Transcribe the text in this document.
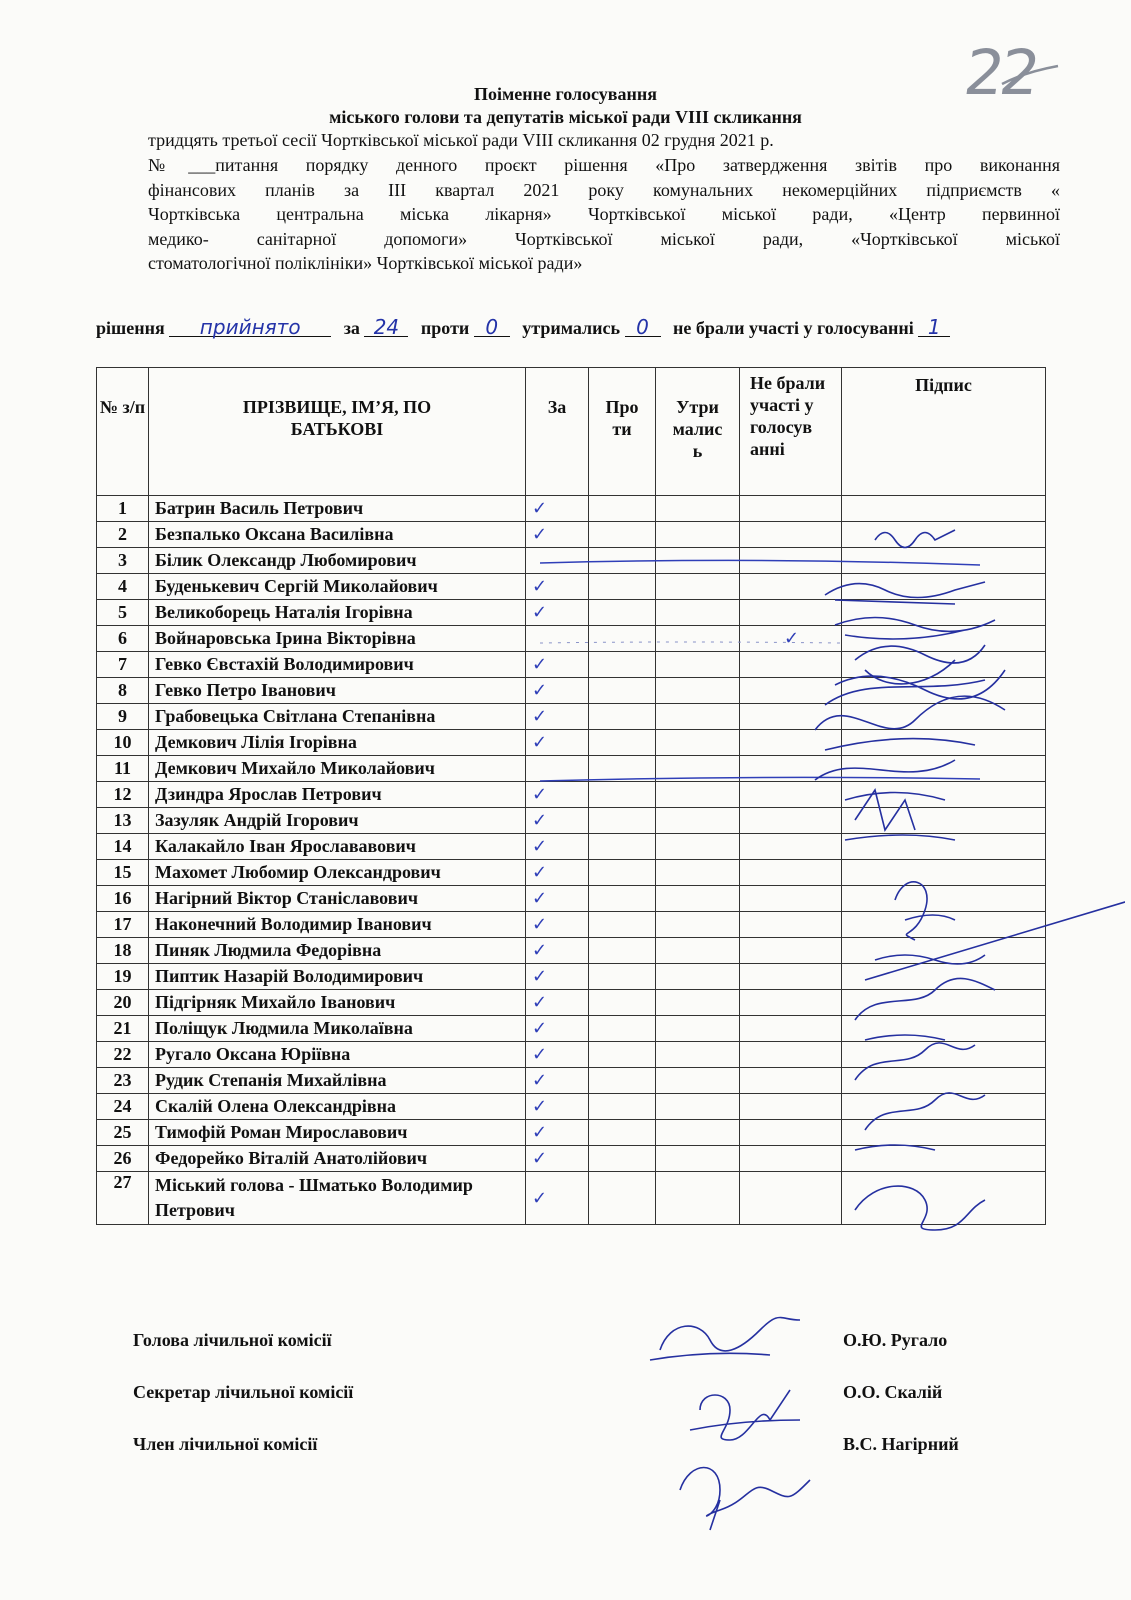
22
Поіменне голосування
міського голови та депутатів міської ради VIII скликання
тридцять третьої сесії Чортківської міської ради VIII скликання 02 грудня 2021 р.
№___питання порядку денного проєкт рішення «Про затвердження звітів про виконання
фінансових планів за ІІІ квартал 2021 року комунальних некомерційних підприємств «
Чортківська центральна міська лікарня» Чортківської міської ради, «Центр первинної
медико- санітарної допомоги» Чортківської міської ради, «Чортківської міської
стоматологічної поліклініки» Чортківської міської ради»
рішення прийнято за 24 проти 0 утримались 0 не брали участі у голосуванні 1
№ з/п	ПРІЗВИЩЕ, ІМ’Я, ПО БАТЬКОВІ	За	Про ти	Утри малис ь	Не брали участі у голосув анні	Підпис
1	Батрин Василь Петрович	✓				
2	Безпалько Оксана Василівна	✓				
3	Білик Олександр Любомирович					
4	Буденькевич Сергій Миколайович	✓				
5	Великоборець Наталія Ігорівна	✓				
6	Войнаровська Ірина Вікторівна				✓	
7	Гевко Євстахій Володимирович	✓				
8	Гевко Петро Іванович	✓				
9	Грабовецька Світлана Степанівна	✓				
10	Демкович Лілія Ігорівна	✓				
11	Демкович Михайло Миколайович					
12	Дзиндра Ярослав Петрович	✓				
13	Зазуляк Андрій Ігорович	✓				
14	Калакайло Іван Ярослававович	✓				
15	Махомет Любомир Олександрович	✓				
16	Нагірний Віктор Станіславович	✓				
17	Наконечний Володимир Іванович	✓				
18	Пиняк Людмила Федорівна	✓				
19	Пиптик Назарій Володимирович	✓				
20	Підгірняк Михайло Іванович	✓				
21	Поліщук Людмила Миколаївна	✓				
22	Ругало Оксана Юріївна	✓				
23	Рудик Степанія Михайлівна	✓				
24	Скалій Олена Олександрівна	✓				
25	Тимофій Роман Мирославович	✓				
26	Федорейко Віталій Анатолійович	✓				
27	Міський голова - Шматько Володимир Петрович	✓				
Голова лічильної комісії
Секретар лічильної комісії
Член лічильної комісії
О.Ю. Ругало
О.О. Скалій
В.С. Нагірний
